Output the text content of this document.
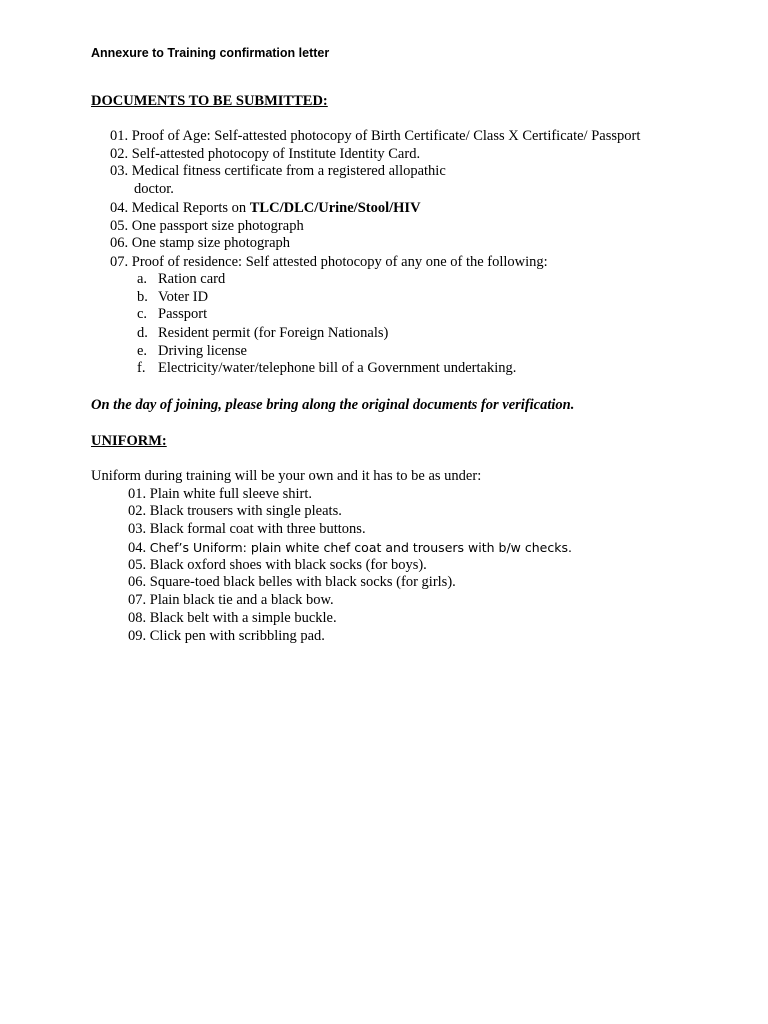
Annexure to Training confirmation letter
DOCUMENTS TO BE SUBMITTED:
01. Proof of Age: Self-attested photocopy of Birth Certificate/ Class X Certificate/ Passport
02. Self-attested photocopy of Institute Identity Card.
03. Medical fitness certificate from a registered allopathic
doctor.
04. Medical Reports on TLC/DLC/Urine/Stool/HIV
05. One passport size photograph
06. One stamp size photograph
07. Proof of residence: Self attested photocopy of any one of the following:
a. Ration card
b. Voter ID
c. Passport
d. Resident permit (for Foreign Nationals)
e. Driving license
f. Electricity/water/telephone bill of a Government undertaking.
On the day of joining, please bring along the original documents for verification.
UNIFORM:
Uniform during training will be your own and it has to be as under:
01. Plain white full sleeve shirt.
02. Black trousers with single pleats.
03. Black formal coat with three buttons.
04. Chef’s Uniform: plain white chef coat and trousers with b/w checks.
05. Black oxford shoes with black socks (for boys).
06. Square-toed black belles with black socks (for girls).
07. Plain black tie and a black bow.
08. Black belt with a simple buckle.
09. Click pen with scribbling pad.
